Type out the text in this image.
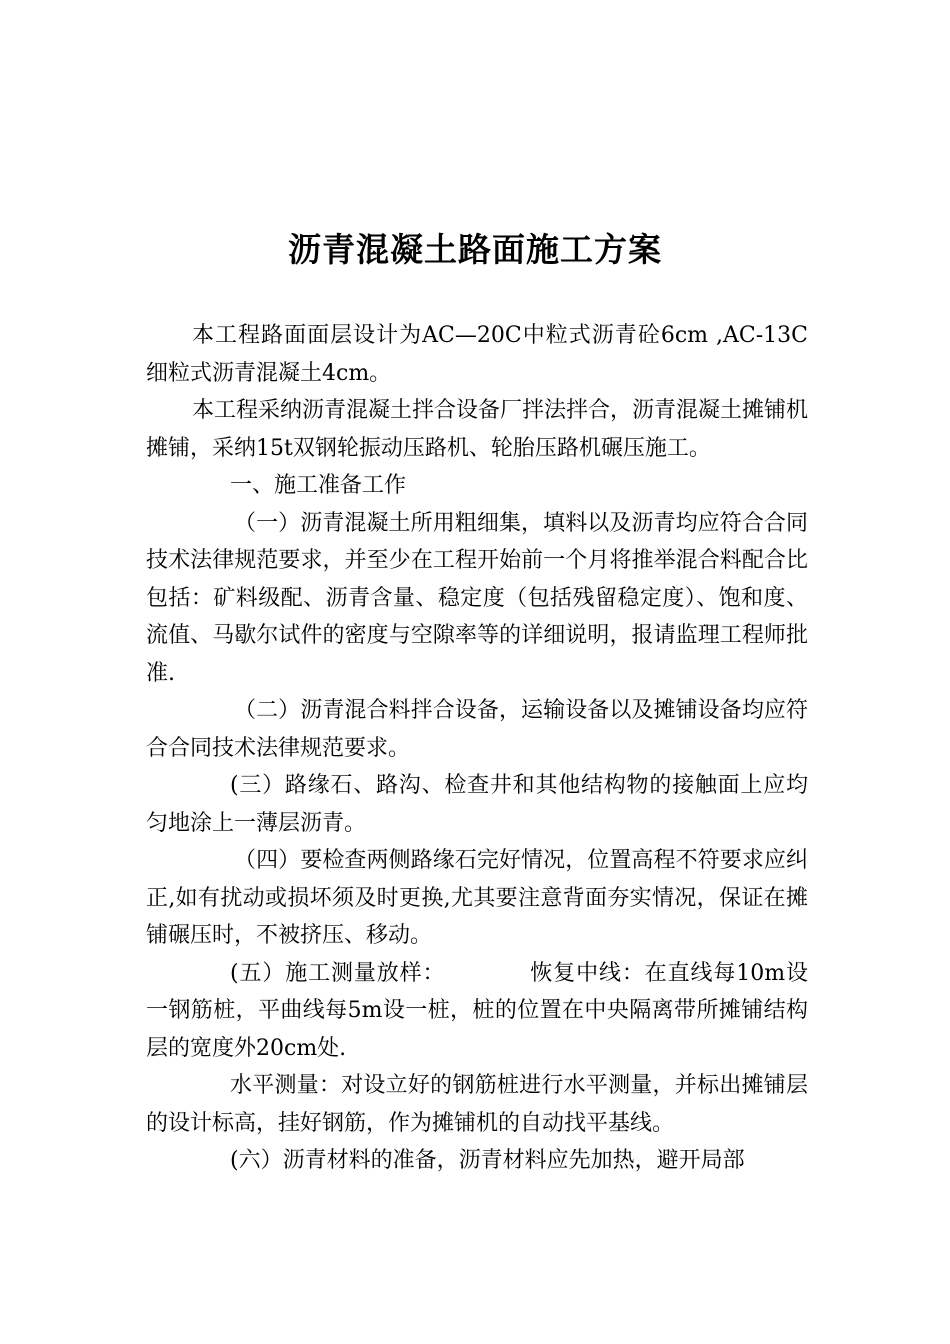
沥青混凝土路面施工方案

本工程路面面层设计为AC—20C中粒式沥青砼6cm ,AC-13C细粒式沥青混凝土4cm。

本工程采纳沥青混凝土拌合设备厂拌法拌合，沥青混凝土摊铺机摊铺，采纳15t双钢轮振动压路机、轮胎压路机碾压施工。

一、施工准备工作

（一）沥青混凝土所用粗细集，填料以及沥青均应符合合同技术法律规范要求，并至少在工程开始前一个月将推举混合料配合比包括：矿料级配、沥青含量、稳定度（包括残留稳定度）、饱和度、流值、马歇尔试件的密度与空隙率等的详细说明，报请监理工程师批准.

（二）沥青混合料拌合设备，运输设备以及摊铺设备均应符合合同技术法律规范要求。

(三）路缘石、路沟、检查井和其他结构物的接触面上应均匀地涂上一薄层沥青。

（四）要检查两侧路缘石完好情况，位置高程不符要求应纠正,如有扰动或损坏须及时更换,尤其要注意背面夯实情况，保证在摊铺碾压时，不被挤压、移动。

(五）施工测量放样：	恢复中线：在直线每10m设一钢筋桩，平曲线每5m设一桩，桩的位置在中央隔离带所摊铺结构层的宽度外20cm处.

水平测量：对设立好的钢筋桩进行水平测量，并标出摊铺层的设计标高，挂好钢筋，作为摊铺机的自动找平基线。

(六）沥青材料的准备，沥青材料应先加热，避开局部
